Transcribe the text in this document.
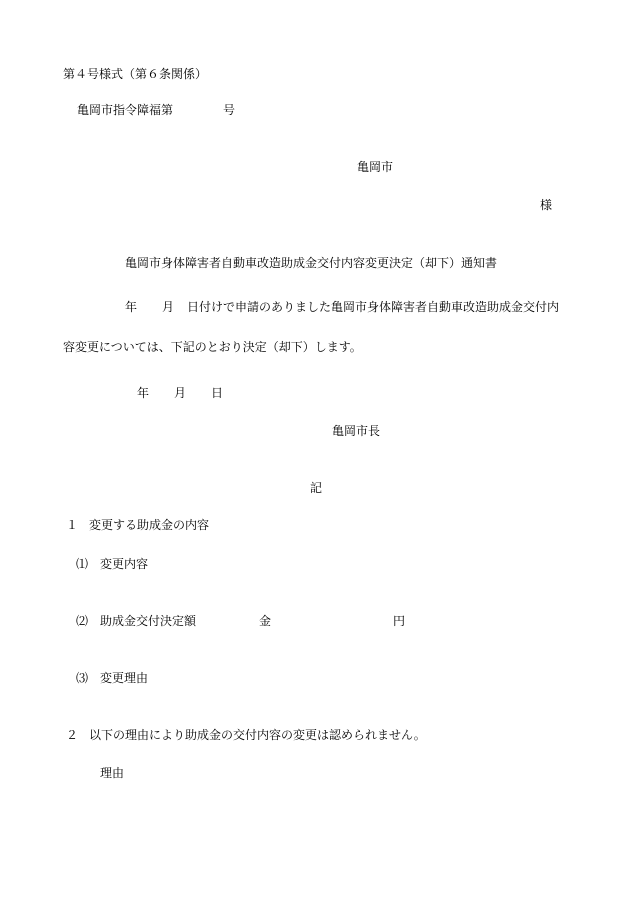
第４号様式（第６条関係）

亀岡市指令障福第	号

亀岡市

様

亀岡市身体障害者自動車改造助成金交付内容変更決定（却下）通知書

年 月 日付けで申請のありました亀岡市身体障害者自動車改造助成金交付内

容変更については、下記のとおり決定（却下）します。

年 月 日

亀岡市長

記

１ 変更する助成金の内容

⑴ 変更内容

⑵ 助成金交付決定額	金	円

⑶ 変更理由

２ 以下の理由により助成金の交付内容の変更は認められません。

理由
